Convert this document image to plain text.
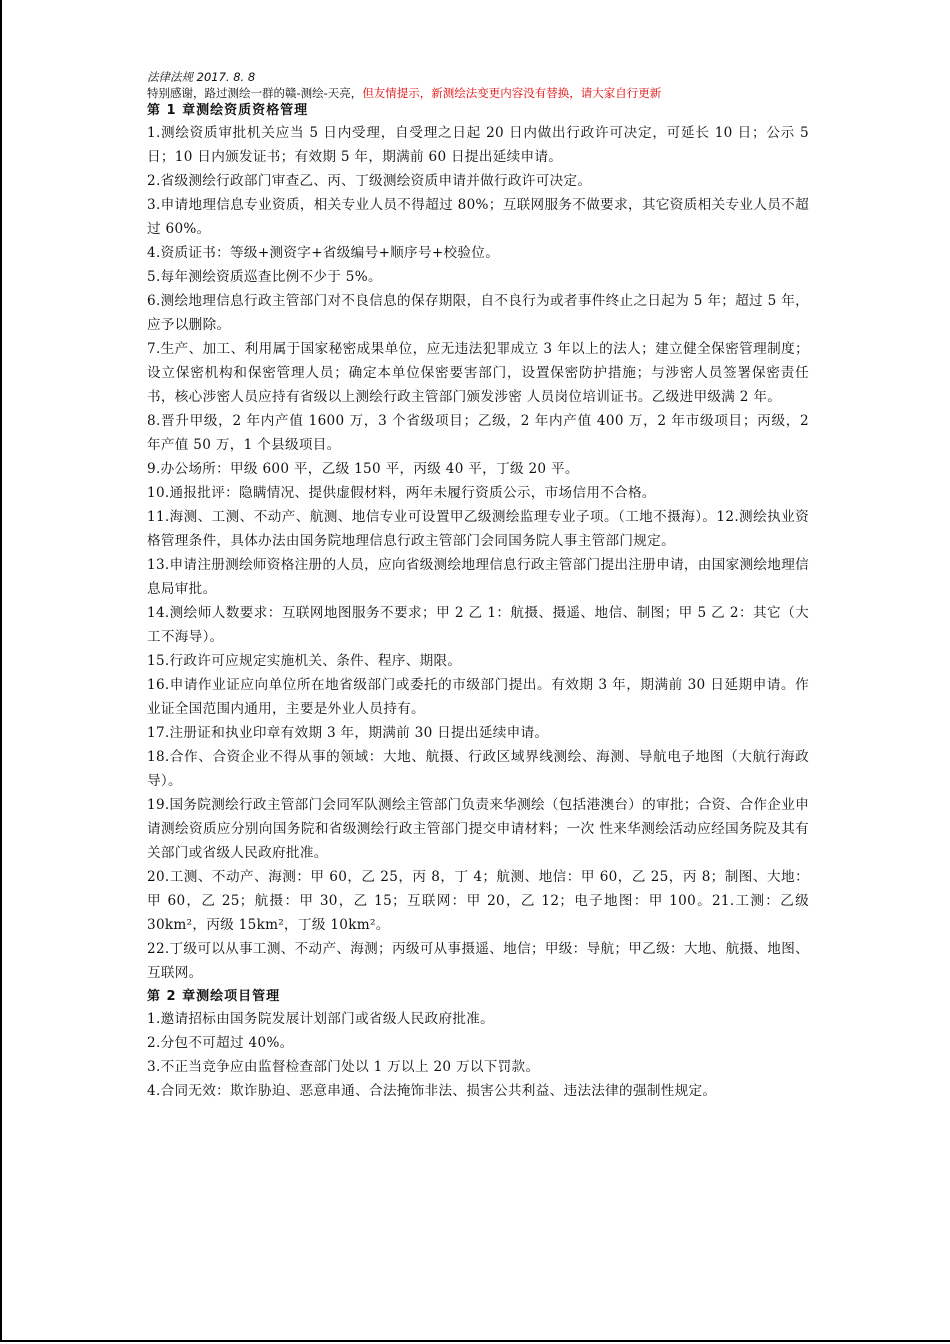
法律法规 2017. 8. 8
特别感谢，路过测绘一群的赣-测绘-天亮，但友情提示，新测绘法变更内容没有替换，请大家自行更新
第 1 章测绘资质资格管理
1.测绘资质审批机关应当 5 日内受理，自受理之日起 20 日内做出行政许可决定，可延长 10 日；公示 5 日；10 日内颁发证书；有效期 5 年，期满前 60 日提出延续申请。
2.省级测绘行政部门审查乙、丙、丁级测绘资质申请并做行政许可决定。
3.申请地理信息专业资质，相关专业人员不得超过 80%；互联网服务不做要求，其它资质相关专业人员不超过 60%。
4.资质证书：等级+测资字+省级编号+顺序号+校验位。
5.每年测绘资质巡查比例不少于 5%。
6.测绘地理信息行政主管部门对不良信息的保存期限，自不良行为或者事件终止之日起为 5 年；超过 5 年，应予以删除。
7.生产、加工、利用属于国家秘密成果单位，应无违法犯罪成立 3 年以上的法人；建立健全保密管理制度；设立保密机构和保密管理人员；确定本单位保密要害部门，设置保密防护措施；与涉密人员签署保密责任书，核心涉密人员应持有省级以上测绘行政主管部门颁发涉密 人员岗位培训证书。乙级进甲级满 2 年。
8.晋升甲级，2 年内产值 1600 万，3 个省级项目；乙级，2 年内产值 400 万，2 年市级项目；丙级，2 年产值 50 万，1 个县级项目。
9.办公场所：甲级 600 平，乙级 150 平，丙级 40 平，丁级 20 平。
10.通报批评：隐瞒情况、提供虚假材料，两年未履行资质公示，市场信用不合格。
11.海测、工测、不动产、航测、地信专业可设置甲乙级测绘监理专业子项。（工地不摄海）。12.测绘执业资格管理条件，具体办法由国务院地理信息行政主管部门会同国务院人事主管部门规定。
13.申请注册测绘师资格注册的人员，应向省级测绘地理信息行政主管部门提出注册申请，由国家测绘地理信息局审批。
14.测绘师人数要求：互联网地图服务不要求；甲 2 乙 1：航摄、摄遥、地信、制图；甲 5 乙 2：其它（大工不海导）。
15.行政许可应规定实施机关、条件、程序、期限。
16.申请作业证应向单位所在地省级部门或委托的市级部门提出。有效期 3 年，期满前 30 日延期申请。作业证全国范围内通用，主要是外业人员持有。
17.注册证和执业印章有效期 3 年，期满前 30 日提出延续申请。
18.合作、合资企业不得从事的领域：大地、航摄、行政区域界线测绘、海测、导航电子地图（大航行海政导）。
19.国务院测绘行政主管部门会同军队测绘主管部门负责来华测绘（包括港澳台）的审批；合资、合作企业申请测绘资质应分别向国务院和省级测绘行政主管部门提交申请材料；一次 性来华测绘活动应经国务院及其有关部门或省级人民政府批准。
20.工测、不动产、海测：甲 60，乙 25，丙 8，丁 4；航测、地信：甲 60，乙 25，丙 8；制图、大地：甲 60，乙 25；航摄：甲 30，乙 15；互联网：甲 20，乙 12；电子地图：甲 100。21.工测：乙级 30km²，丙级 15km²，丁级 10km²。
22.丁级可以从事工测、不动产、海测；丙级可从事摄遥、地信；甲级：导航；甲乙级：大地、航摄、地图、互联网。
第 2 章测绘项目管理
1.邀请招标由国务院发展计划部门或省级人民政府批准。
2.分包不可超过 40%。
3.不正当竞争应由监督检查部门处以 1 万以上 20 万以下罚款。
4.合同无效：欺诈胁迫、恶意串通、合法掩饰非法、损害公共利益、违法法律的强制性规定。
